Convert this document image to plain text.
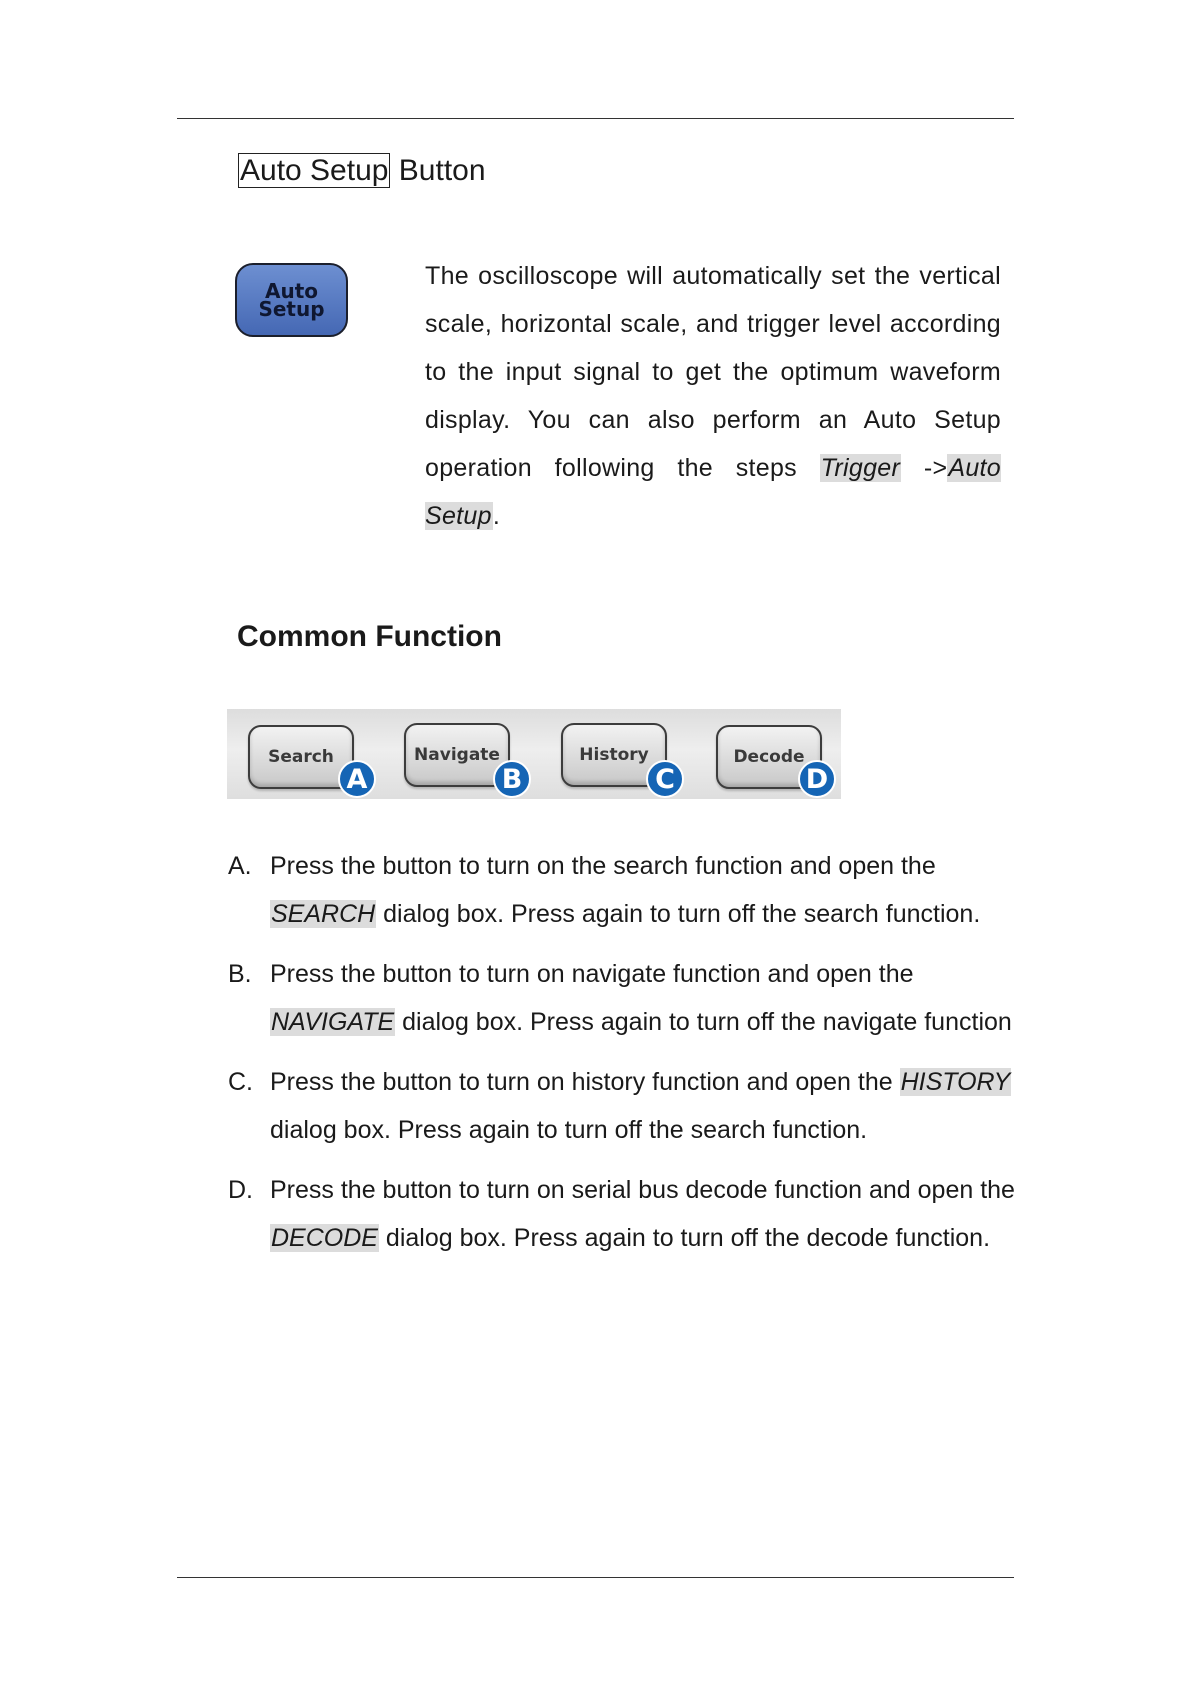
Auto Setup Button
Auto
Setup
The oscilloscope will automatically set the vertical scale, horizontal scale, and trigger level according to the input signal to get the optimum waveform display. You can also perform an Auto Setup operation following the steps Trigger ->Auto Setup.
Common Function
Search
A
Navigate
B
History
C
Decode
D
A. Press the button to turn on the search function and open the SEARCH dialog box. Press again to turn off the search function.
B. Press the button to turn on navigate function and open the NAVIGATE dialog box. Press again to turn off the navigate function
C. Press the button to turn on history function and open the HISTORY dialog box. Press again to turn off the search function.
D. Press the button to turn on serial bus decode function and open the DECODE dialog box. Press again to turn off the decode function.
